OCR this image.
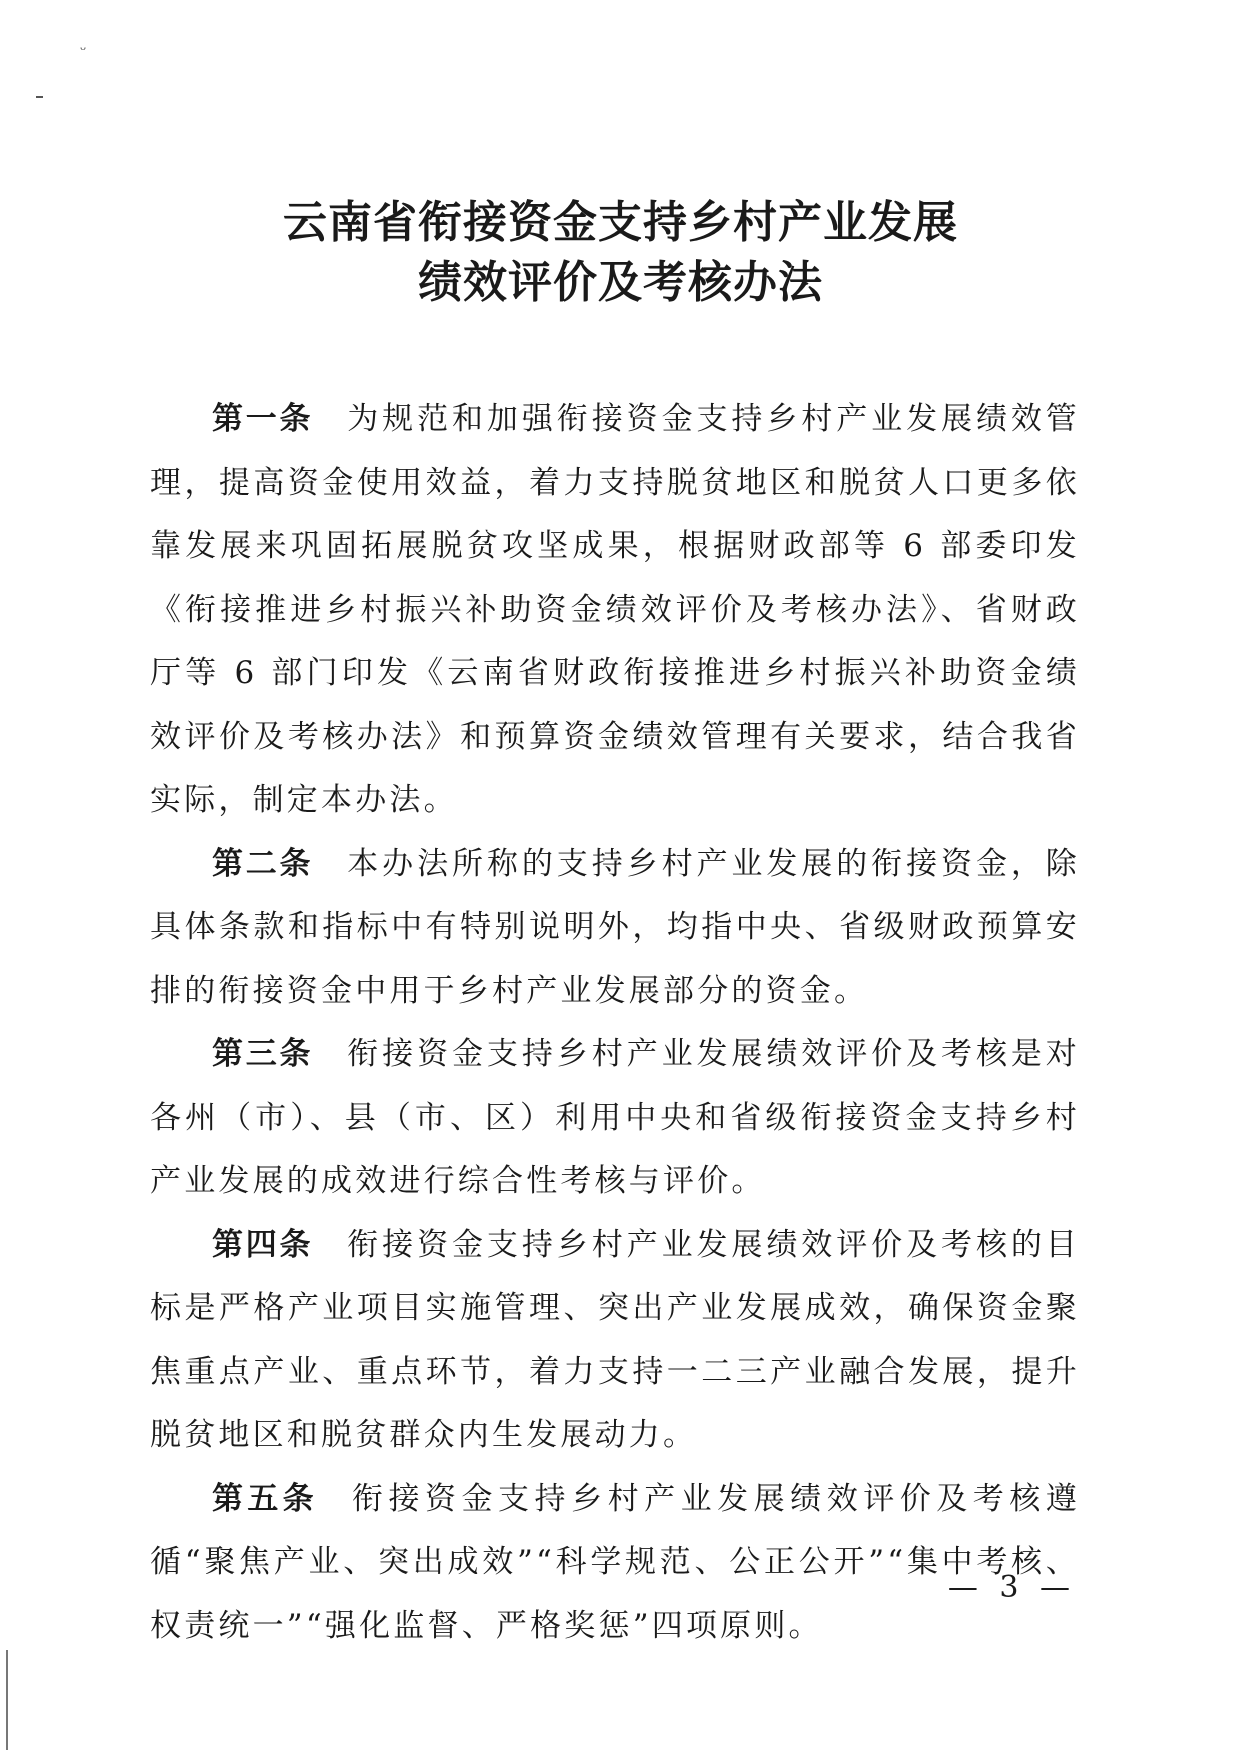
ᵕ
云南省衔接资金支持乡村产业发展
绩效评价及考核办法

第一条 为规范和加强衔接资金支持乡村产业发展绩效管理，提高资金使用效益，着力支持脱贫地区和脱贫人口更多依靠发展来巩固拓展脱贫攻坚成果，根据财政部等 6 部委印发《衔接推进乡村振兴补助资金绩效评价及考核办法》、省财政厅等 6 部门印发《云南省财政衔接推进乡村振兴补助资金绩效评价及考核办法》和预算资金绩效管理有关要求，结合我省实际，制定本办法。

第二条 本办法所称的支持乡村产业发展的衔接资金，除具体条款和指标中有特别说明外，均指中央、省级财政预算安排的衔接资金中用于乡村产业发展部分的资金。

第三条 衔接资金支持乡村产业发展绩效评价及考核是对各州（市）、县（市、区）利用中央和省级衔接资金支持乡村产业发展的成效进行综合性考核与评价。

第四条 衔接资金支持乡村产业发展绩效评价及考核的目标是严格产业项目实施管理、突出产业发展成效，确保资金聚焦重点产业、重点环节，着力支持一二三产业融合发展，提升脱贫地区和脱贫群众内生发展动力。

第五条 衔接资金支持乡村产业发展绩效评价及考核遵循“聚焦产业、突出成效”“科学规范、公正公开”“集中考核、权责统一”“强化监督、严格奖惩”四项原则。

— 3 —
